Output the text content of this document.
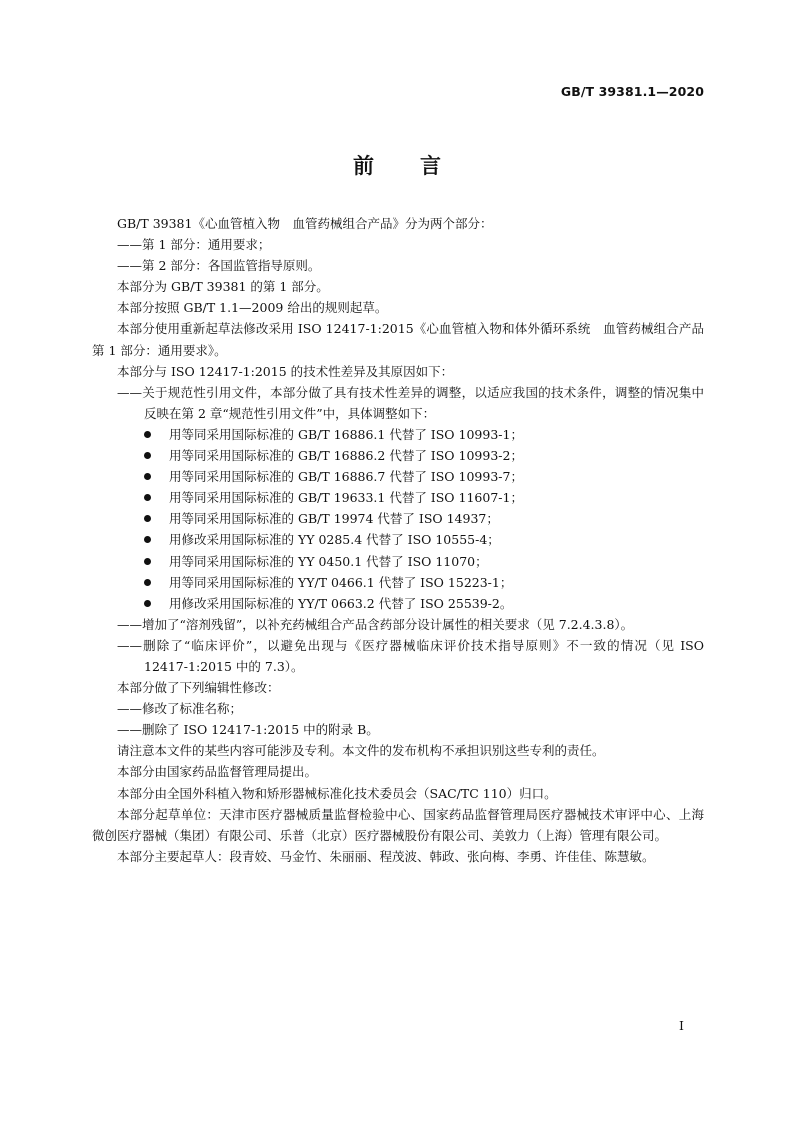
GB/T 39381.1—2020

前言

GB/T 39381《心血管植入物　血管药械组合产品》分为两个部分：

——第 1 部分：通用要求；

——第 2 部分：各国监管指导原则。

本部分为 GB/T 39381 的第 1 部分。

本部分按照 GB/T 1.1—2009 给出的规则起草。

本部分使用重新起草法修改采用 ISO 12417-1:2015《心血管植入物和体外循环系统　血管药械组合产品　第 1 部分：通用要求》。

本部分与 ISO 12417-1:2015 的技术性差异及其原因如下：

——关于规范性引用文件，本部分做了具有技术性差异的调整，以适应我国的技术条件，调整的情况集中反映在第 2 章“规范性引用文件”中，具体调整如下：

用等同采用国际标准的 GB/T 16886.1 代替了 ISO 10993-1；

用等同采用国际标准的 GB/T 16886.2 代替了 ISO 10993-2；

用等同采用国际标准的 GB/T 16886.7 代替了 ISO 10993-7；

用等同采用国际标准的 GB/T 19633.1 代替了 ISO 11607-1；

用等同采用国际标准的 GB/T 19974 代替了 ISO 14937；

用修改采用国际标准的 YY 0285.4 代替了 ISO 10555-4；

用等同采用国际标准的 YY 0450.1 代替了 ISO 11070；

用等同采用国际标准的 YY/T 0466.1 代替了 ISO 15223-1；

用修改采用国际标准的 YY/T 0663.2 代替了 ISO 25539-2。

——增加了“溶剂残留”，以补充药械组合产品含药部分设计属性的相关要求（见 7.2.4.3.8）。

——删除了“临床评价”，以避免出现与《医疗器械临床评价技术指导原则》不一致的情况（见 ISO 12417-1:2015 中的 7.3）。

本部分做了下列编辑性修改：

——修改了标准名称；

——删除了 ISO 12417-1:2015 中的附录 B。

请注意本文件的某些内容可能涉及专利。本文件的发布机构不承担识别这些专利的责任。

本部分由国家药品监督管理局提出。

本部分由全国外科植入物和矫形器械标准化技术委员会（SAC/TC 110）归口。

本部分起草单位：天津市医疗器械质量监督检验中心、国家药品监督管理局医疗器械技术审评中心、上海微创医疗器械（集团）有限公司、乐普（北京）医疗器械股份有限公司、美敦力（上海）管理有限公司。

本部分主要起草人：段青姣、马金竹、朱丽丽、程茂波、韩政、张向梅、李勇、许佳佳、陈慧敏。

I
